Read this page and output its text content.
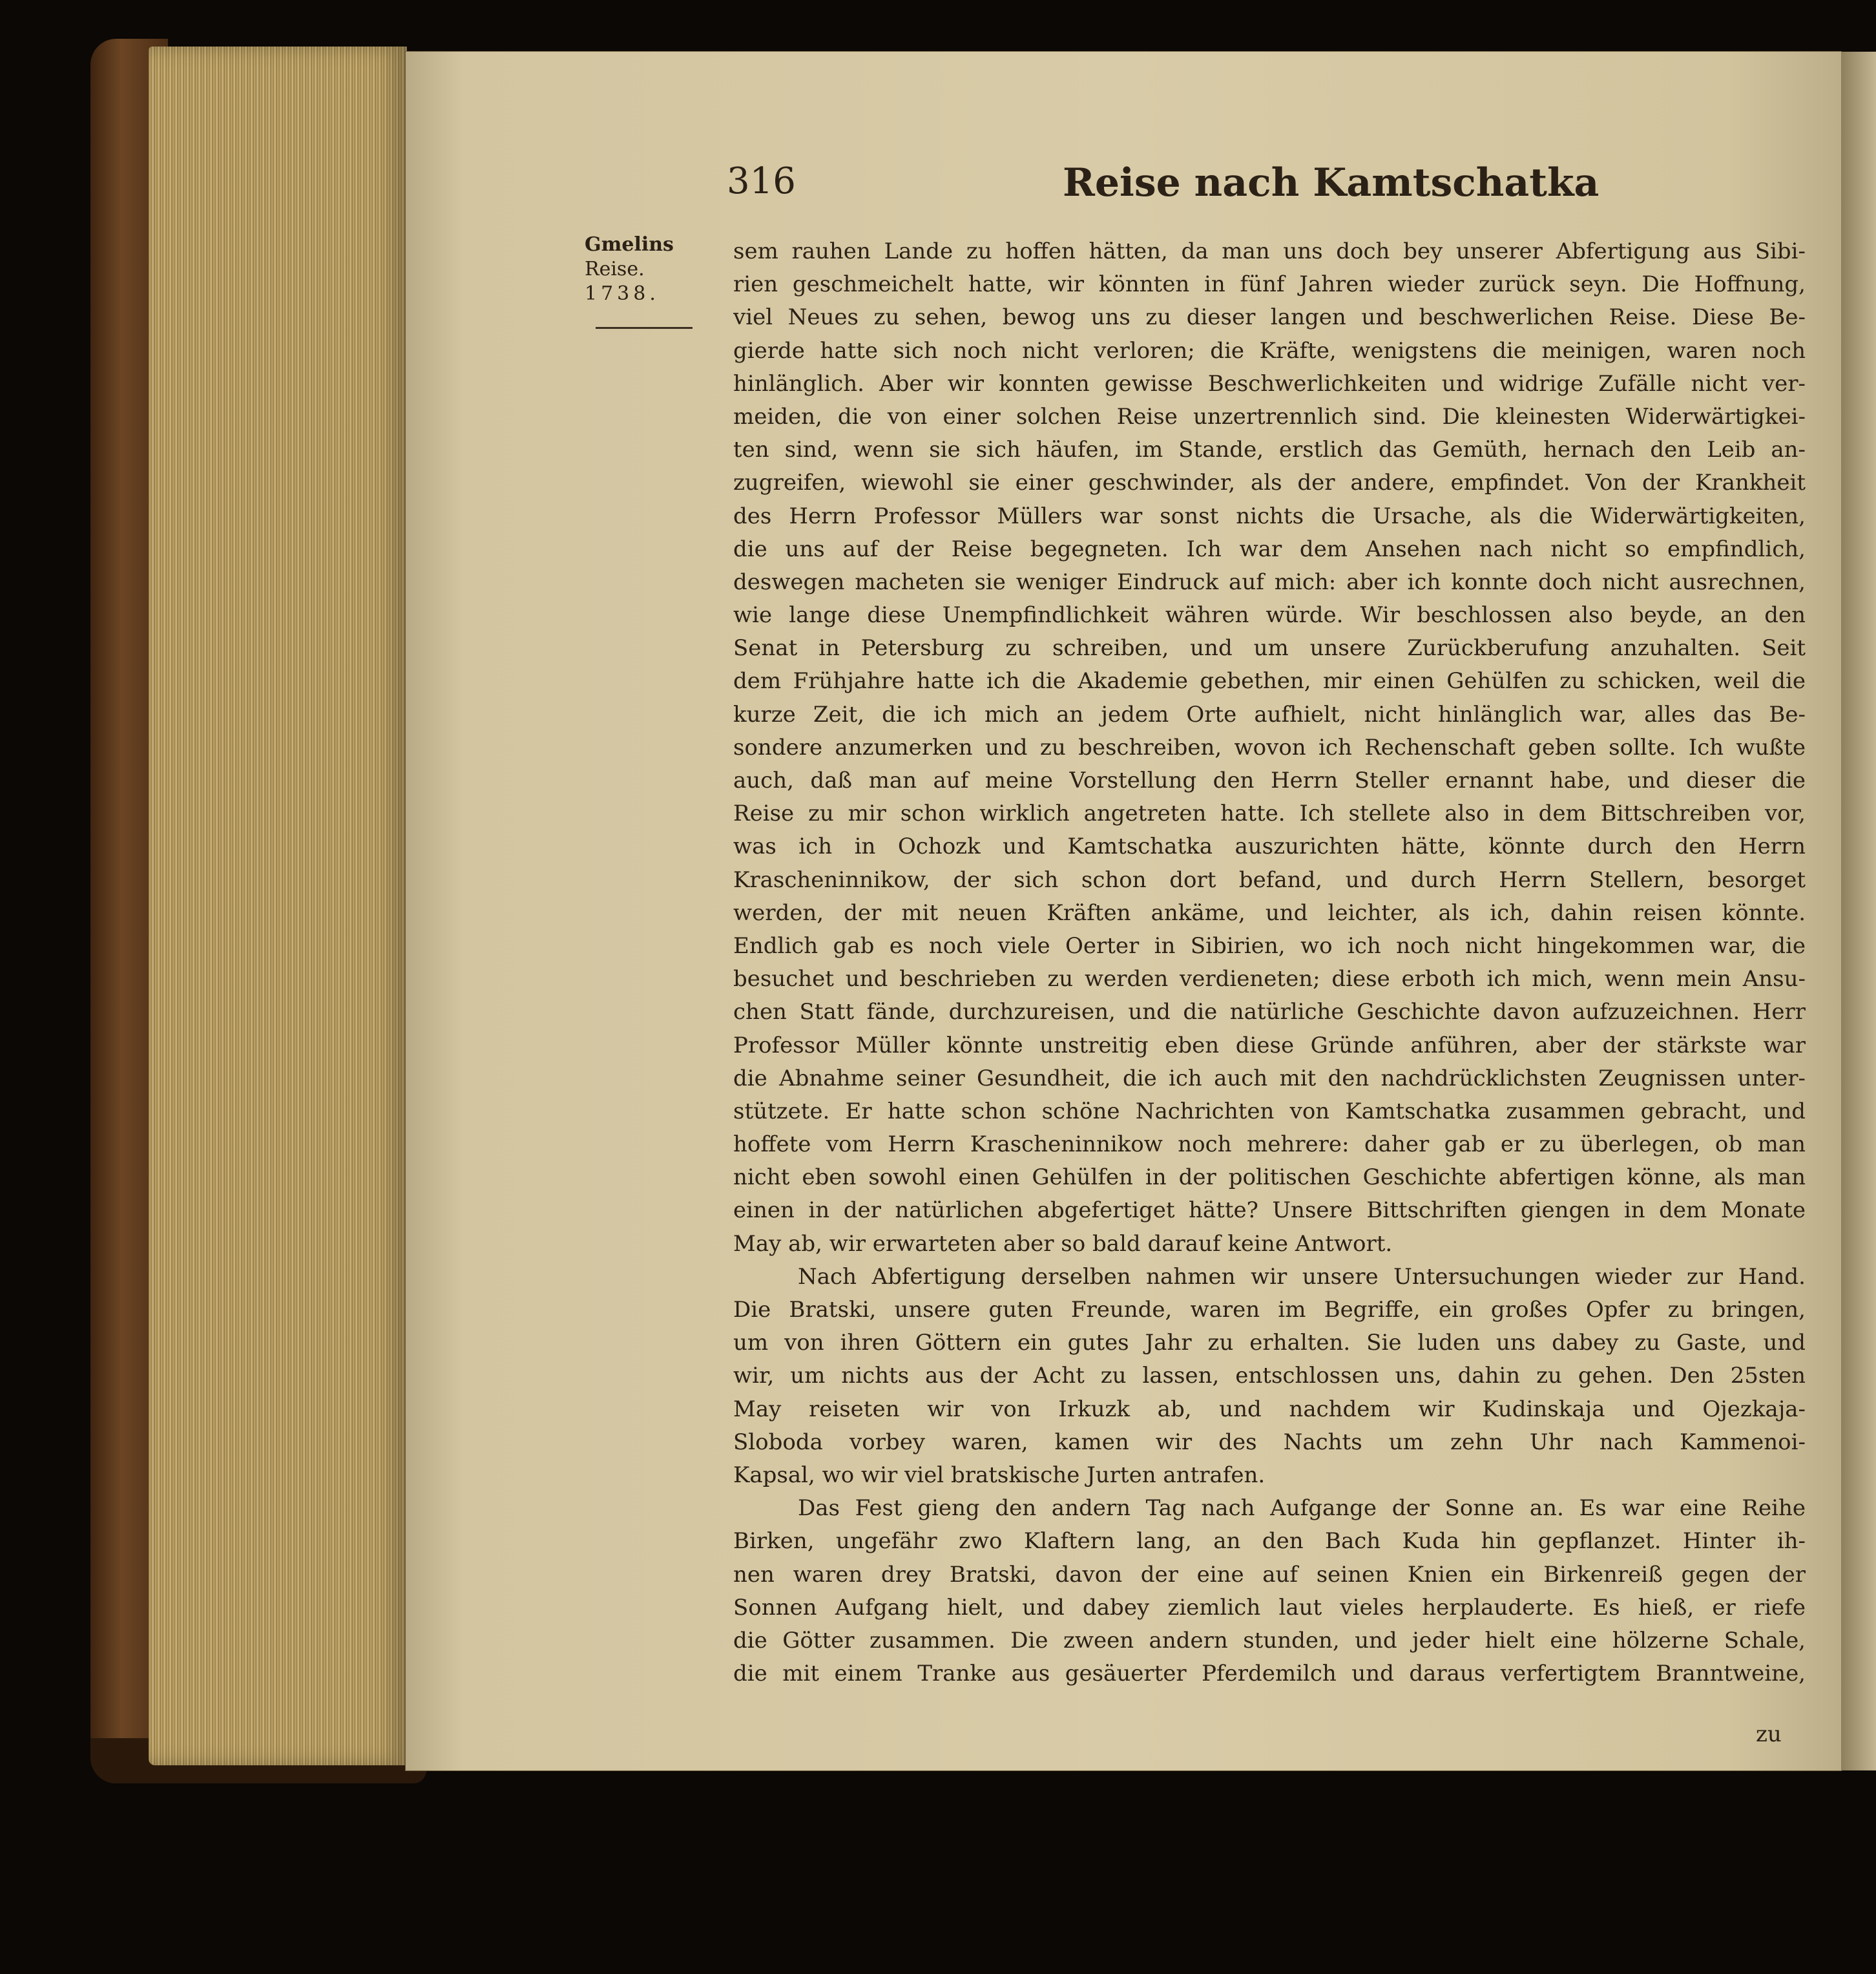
316	Reise nach Kamtschatka
Gmelins
Reise.
1738.
sem rauhen Lande zu hoffen hätten, da man uns doch bey unserer Abfertigung aus Sibi-
rien geschmeichelt hatte, wir könnten in fünf Jahren wieder zurück seyn. Die Hoffnung,
viel Neues zu sehen, bewog uns zu dieser langen und beschwerlichen Reise. Diese Be-
gierde hatte sich noch nicht verloren; die Kräfte, wenigstens die meinigen, waren noch
hinlänglich. Aber wir konnten gewisse Beschwerlichkeiten und widrige Zufälle nicht ver-
meiden, die von einer solchen Reise unzertrennlich sind. Die kleinesten Widerwärtigkei-
ten sind, wenn sie sich häufen, im Stande, erstlich das Gemüth, hernach den Leib an-
zugreifen, wiewohl sie einer geschwinder, als der andere, empfindet. Von der Krankheit
des Herrn Professor Müllers war sonst nichts die Ursache, als die Widerwärtigkeiten,
die uns auf der Reise begegneten. Ich war dem Ansehen nach nicht so empfindlich,
deswegen macheten sie weniger Eindruck auf mich: aber ich konnte doch nicht ausrechnen,
wie lange diese Unempfindlichkeit währen würde. Wir beschlossen also beyde, an den
Senat in Petersburg zu schreiben, und um unsere Zurückberufung anzuhalten. Seit
dem Frühjahre hatte ich die Akademie gebethen, mir einen Gehülfen zu schicken, weil die
kurze Zeit, die ich mich an jedem Orte aufhielt, nicht hinlänglich war, alles das Be-
sondere anzumerken und zu beschreiben, wovon ich Rechenschaft geben sollte. Ich wußte
auch, daß man auf meine Vorstellung den Herrn Steller ernannt habe, und dieser die
Reise zu mir schon wirklich angetreten hatte. Ich stellete also in dem Bittschreiben vor,
was ich in Ochozk und Kamtschatka auszurichten hätte, könnte durch den Herrn
Krascheninnikow, der sich schon dort befand, und durch Herrn Stellern, besorget
werden, der mit neuen Kräften ankäme, und leichter, als ich, dahin reisen könnte.
Endlich gab es noch viele Oerter in Sibirien, wo ich noch nicht hingekommen war, die
besuchet und beschrieben zu werden verdieneten; diese erboth ich mich, wenn mein Ansu-
chen Statt fände, durchzureisen, und die natürliche Geschichte davon aufzuzeichnen. Herr
Professor Müller könnte unstreitig eben diese Gründe anführen, aber der stärkste war
die Abnahme seiner Gesundheit, die ich auch mit den nachdrücklichsten Zeugnissen unter-
stützete. Er hatte schon schöne Nachrichten von Kamtschatka zusammen gebracht, und
hoffete vom Herrn Krascheninnikow noch mehrere: daher gab er zu überlegen, ob man
nicht eben sowohl einen Gehülfen in der politischen Geschichte abfertigen könne, als man
einen in der natürlichen abgefertiget hätte? Unsere Bittschriften giengen in dem Monate
May ab, wir erwarteten aber so bald darauf keine Antwort.
Nach Abfertigung derselben nahmen wir unsere Untersuchungen wieder zur Hand.
Die Bratski, unsere guten Freunde, waren im Begriffe, ein großes Opfer zu bringen,
um von ihren Göttern ein gutes Jahr zu erhalten. Sie luden uns dabey zu Gaste, und
wir, um nichts aus der Acht zu lassen, entschlossen uns, dahin zu gehen. Den 25sten
May reiseten wir von Irkuzk ab, und nachdem wir Kudinskaja und Ojezkaja-
Sloboda vorbey waren, kamen wir des Nachts um zehn Uhr nach Kammenoi-
Kapsal, wo wir viel bratskische Jurten antrafen.
Das Fest gieng den andern Tag nach Aufgange der Sonne an. Es war eine Reihe
Birken, ungefähr zwo Klaftern lang, an den Bach Kuda hin gepflanzet. Hinter ih-
nen waren drey Bratski, davon der eine auf seinen Knien ein Birkenreiß gegen der
Sonnen Aufgang hielt, und dabey ziemlich laut vieles herplauderte. Es hieß, er riefe
die Götter zusammen. Die zween andern stunden, und jeder hielt eine hölzerne Schale,
die mit einem Tranke aus gesäuerter Pferdemilch und daraus verfertigtem Branntweine,
zu
